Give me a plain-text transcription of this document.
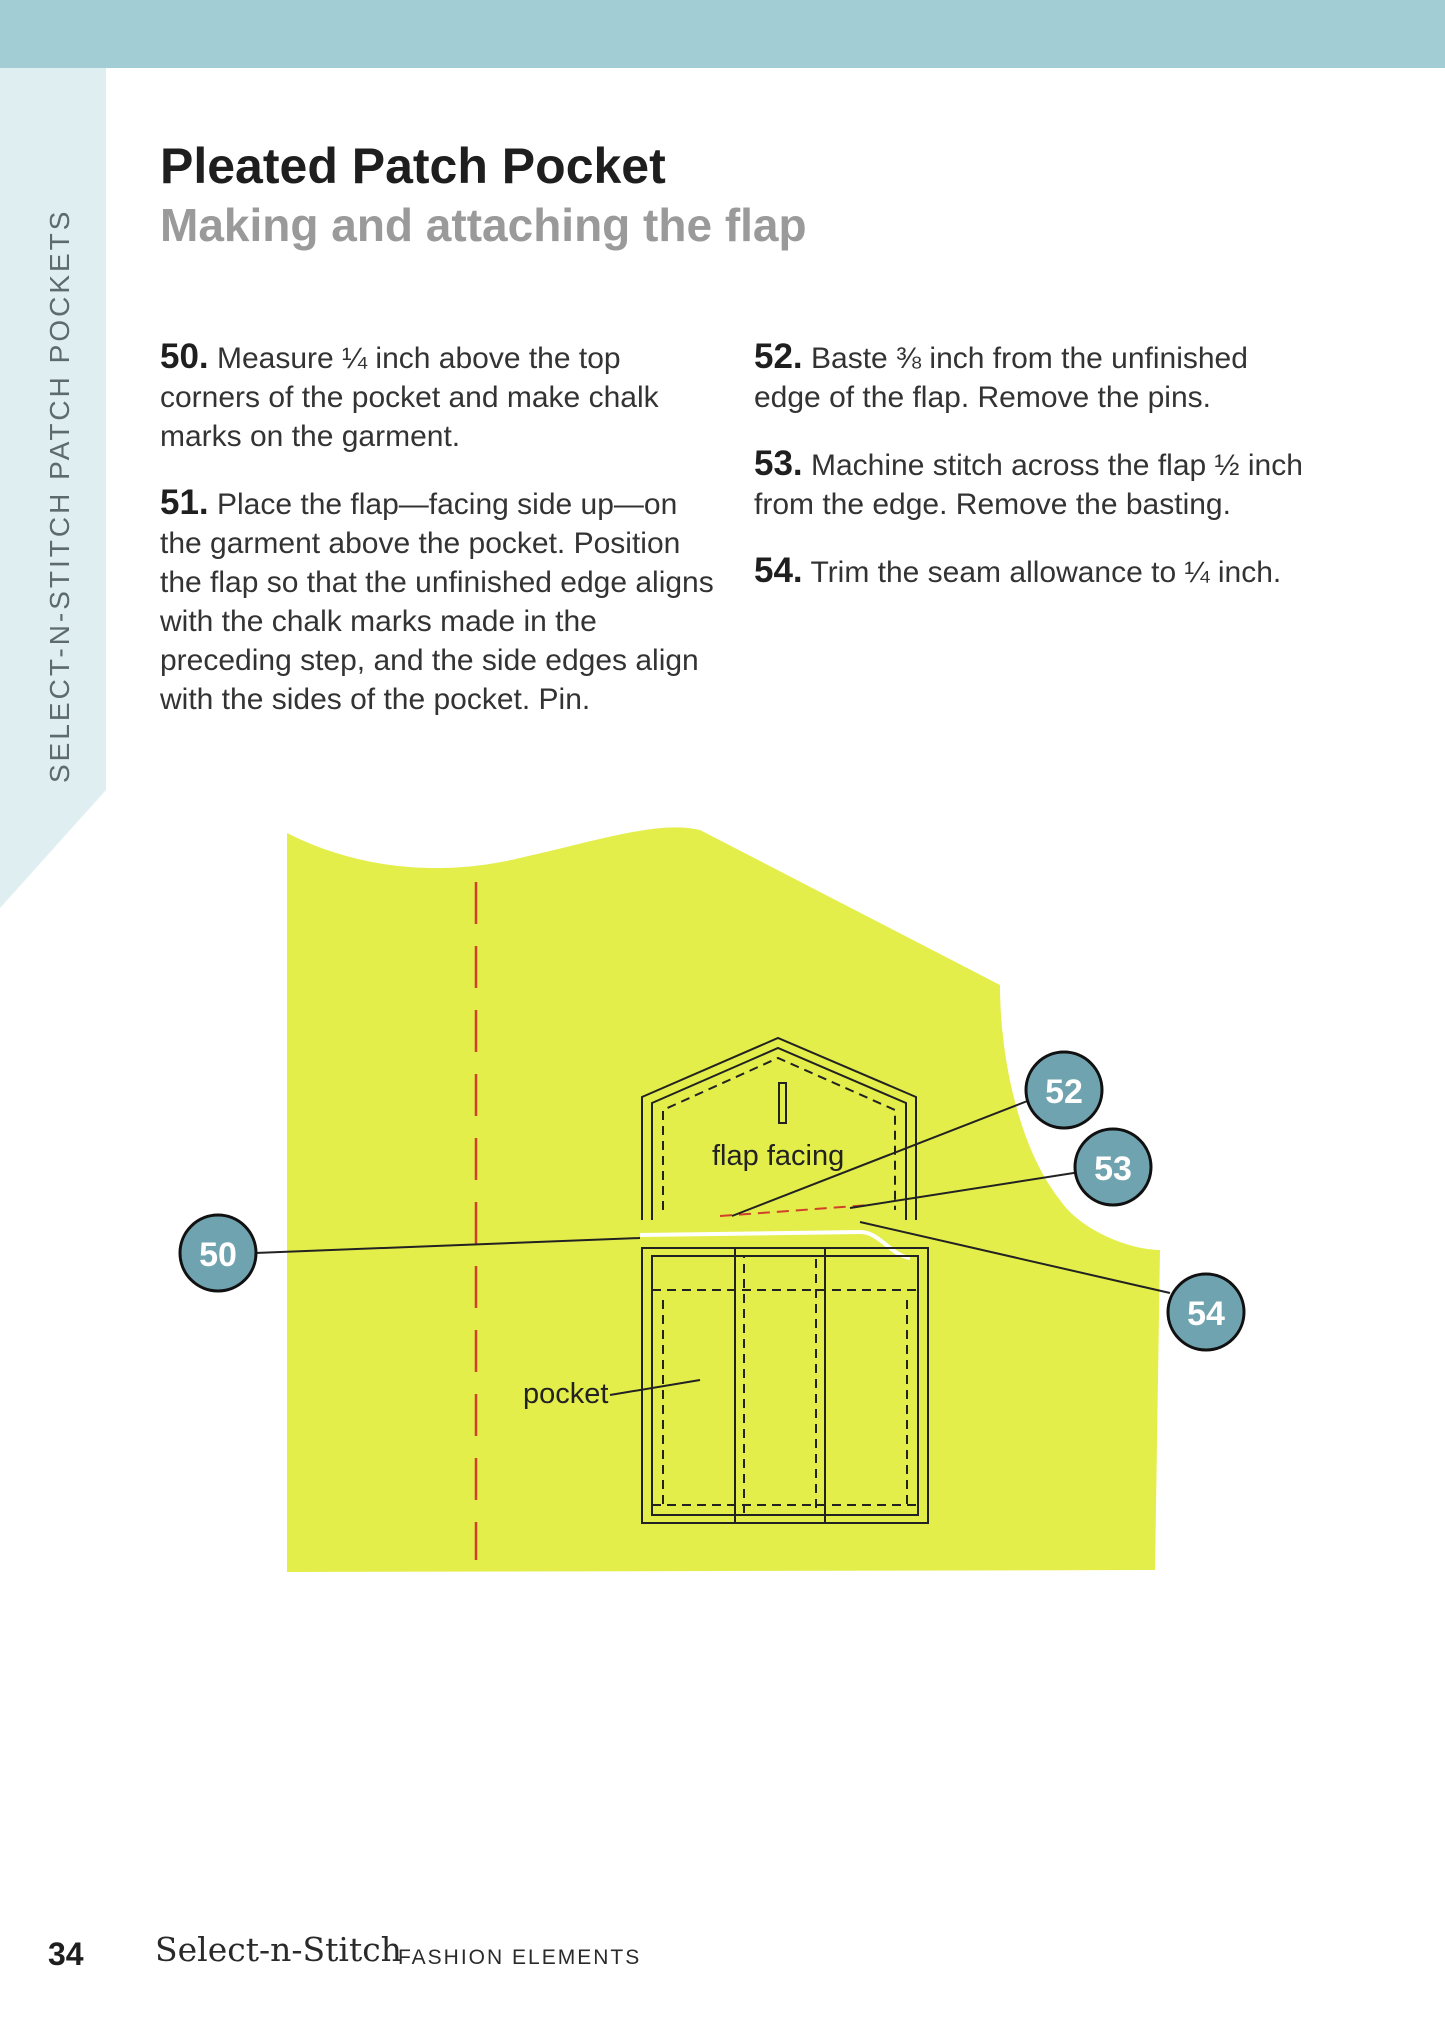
SELECT-N-STITCH PATCH POCKETS
Pleated Patch Pocket
Making and attaching the flap

50. Measure ¼ inch above the top corners of the pocket and make chalk marks on the garment.

51. Place the flap—facing side up—on the garment above the pocket. Position the flap so that the unfinished edge aligns with the chalk marks made in the preceding step, and the side edges align with the sides of the pocket. Pin.

52. Baste ⅜ inch from the unfinished edge of the flap. Remove the pins.

53. Machine stitch across the flap ½ inch from the edge. Remove the basting.

54. Trim the seam allowance to ¼ inch.

flap facing
pocket
50
52
53
54
34 Select-n-Stitch
FASHION ELEMENTS
